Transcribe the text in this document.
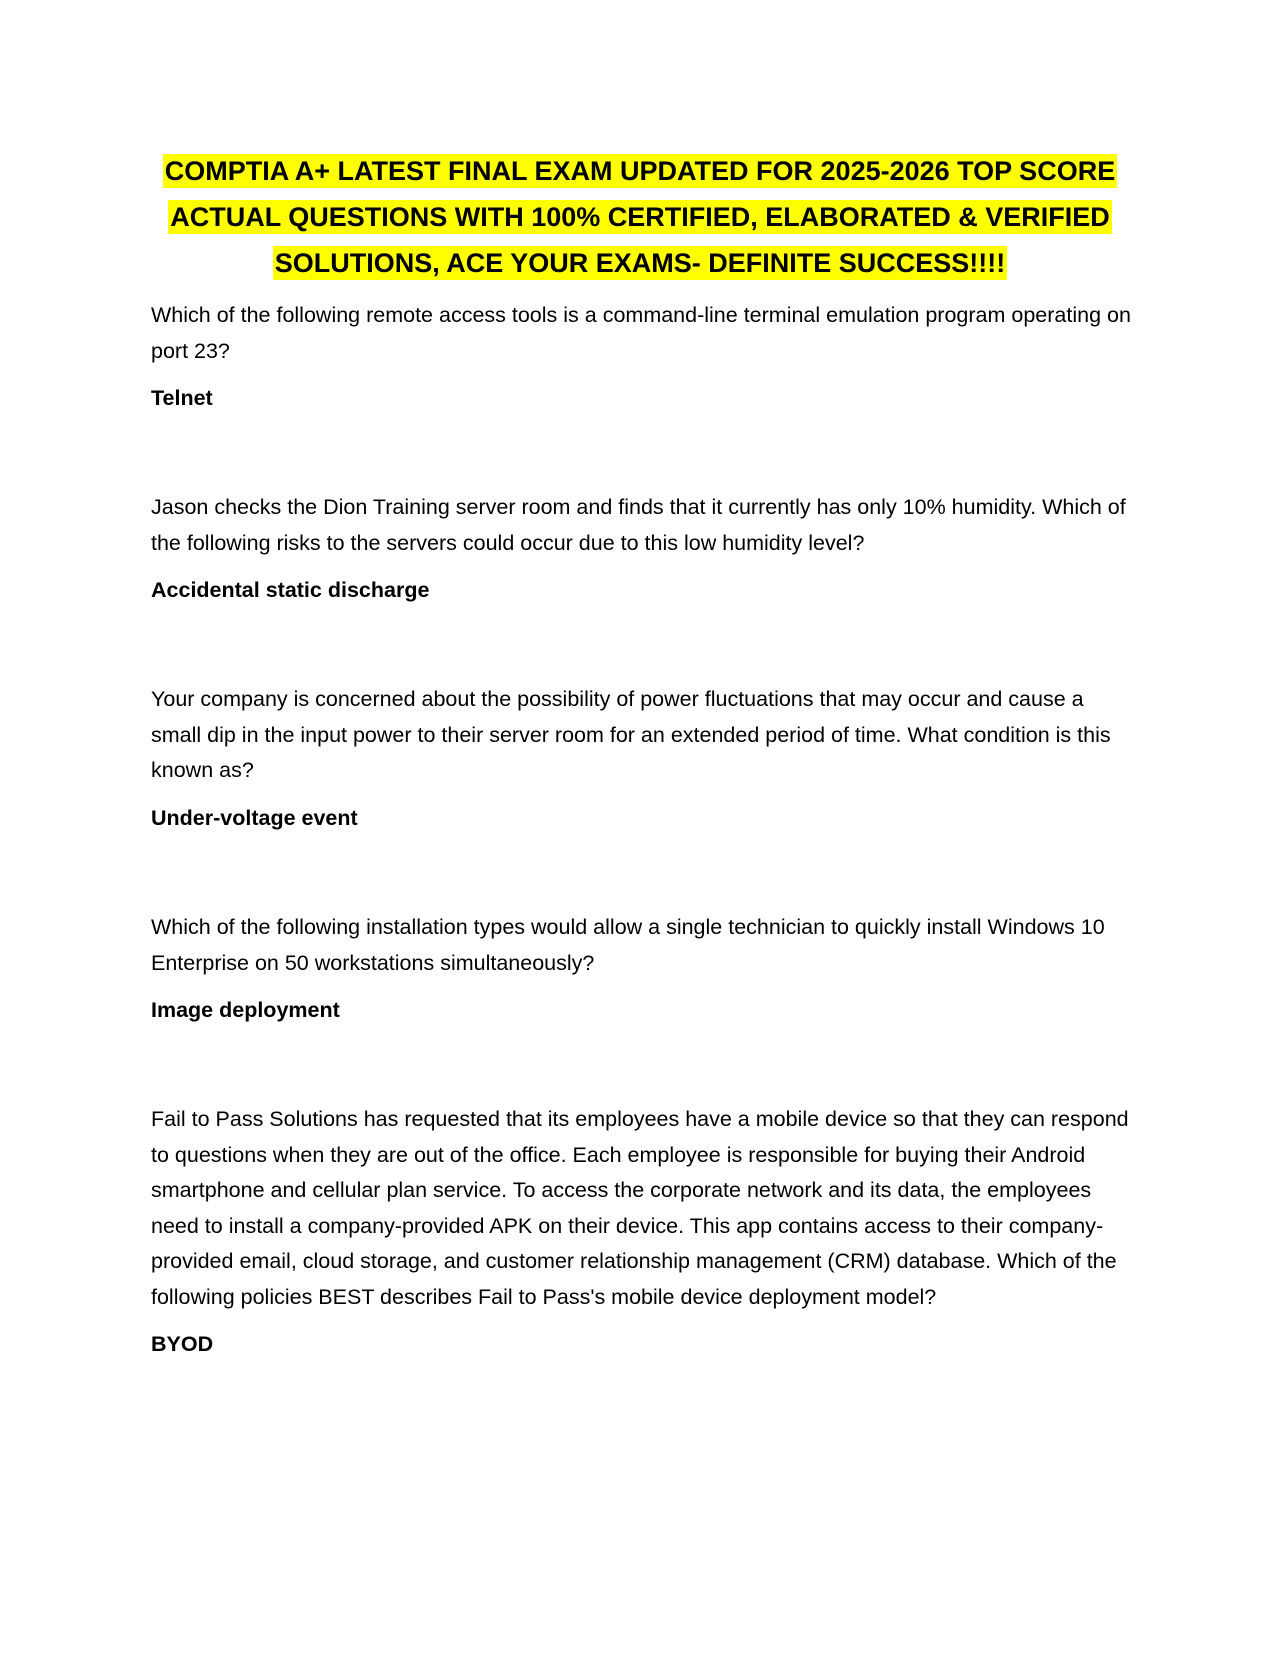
COMPTIA A+ LATEST FINAL EXAM UPDATED FOR 2025-2026 TOP SCORE ACTUAL QUESTIONS WITH 100% CERTIFIED, ELABORATED & VERIFIED SOLUTIONS, ACE YOUR EXAMS- DEFINITE SUCCESS!!!!

Which of the following remote access tools is a command-line terminal emulation program operating on port 23?

Telnet

Jason checks the Dion Training server room and finds that it currently has only 10% humidity. Which of the following risks to the servers could occur due to this low humidity level?

Accidental static discharge

Your company is concerned about the possibility of power fluctuations that may occur and cause a small dip in the input power to their server room for an extended period of time. What condition is this known as?

Under-voltage event

Which of the following installation types would allow a single technician to quickly install Windows 10 Enterprise on 50 workstations simultaneously?

Image deployment

Fail to Pass Solutions has requested that its employees have a mobile device so that they can respond to questions when they are out of the office. Each employee is responsible for buying their Android smartphone and cellular plan service. To access the corporate network and its data, the employees need to install a company-provided APK on their device. This app contains access to their company-provided email, cloud storage, and customer relationship management (CRM) database. Which of the following policies BEST describes Fail to Pass's mobile device deployment model?

BYOD
